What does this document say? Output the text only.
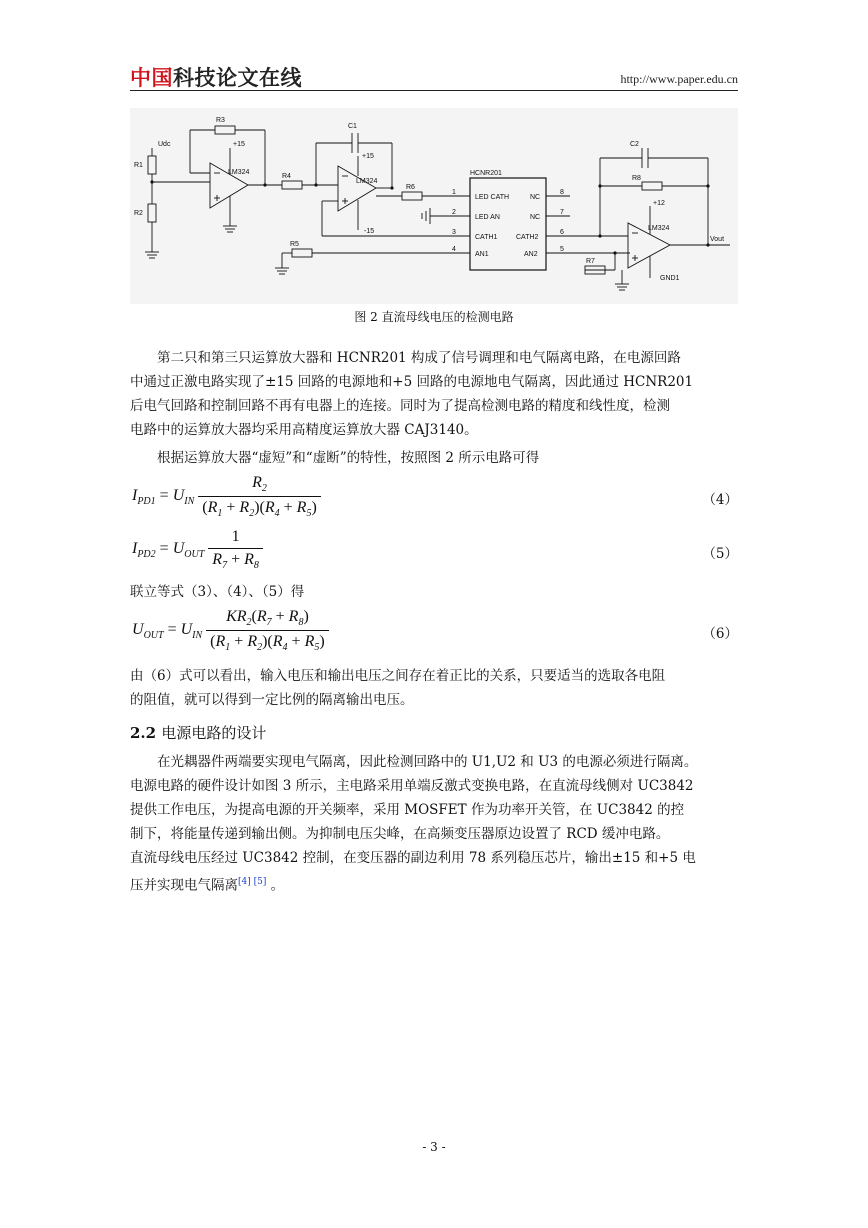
中国科技论文在线	http://www.paper.edu.cn
Udc
R1
R2
R3
LM324
+15
R4
C1
+15
LM324
-15
R6
R5
HCNR201
1
2
3
4
LED CATH
LED AN
CATH1
AN1
NC
NC
CATH2
AN2
8
7
6
5
C2
R8
+12
LM324
Vout
R7
GND1
图 2 直流母线电压的检测电路
第二只和第三只运算放大器和 HCNR201 构成了信号调理和电气隔离电路，在电源回路
中通过正激电路实现了±15 回路的电源地和+5 回路的电源地电气隔离，因此通过 HCNR201
后电气回路和控制回路不再有电器上的连接。同时为了提高检测电路的精度和线性度，检测
电路中的运算放大器均采用高精度运算放大器 CAJ3140。
根据运算放大器“虚短”和“虚断”的特性，按照图 2 所示电路可得
$I_{PD1} = U_{IN} \frac{R_2}{(R_1 + R_2)(R_4 + R_5)}$	（4）
$I_{PD2} = U_{OUT} \frac{1}{R_7 + R_8}$	（5）
联立等式（3）、（4）、（5）得
$U_{OUT} = U_{IN} \frac{KR_2(R_7 + R_8)}{(R_1 + R_2)(R_4 + R_5)}$	（6）
由（6）式可以看出，输入电压和输出电压之间存在着正比的关系，只要适当的选取各电阻
的阻值，就可以得到一定比例的隔离输出电压。
2.2 电源电路的设计
在光耦器件两端要实现电气隔离，因此检测回路中的 U1,U2 和 U3 的电源必须进行隔离。
电源电路的硬件设计如图 3 所示，主电路采用单端反激式变换电路，在直流母线侧对 UC3842
提供工作电压，为提高电源的开关频率，采用 MOSFET 作为功率开关管，在 UC3842 的控
制下，将能量传递到输出侧。为抑制电压尖峰，在高频变压器原边设置了 RCD 缓冲电路。
直流母线电压经过 UC3842 控制，在变压器的副边利用 78 系列稳压芯片，输出±15 和+5 电
压并实现电气隔离[4] [5] 。
- 3 -
